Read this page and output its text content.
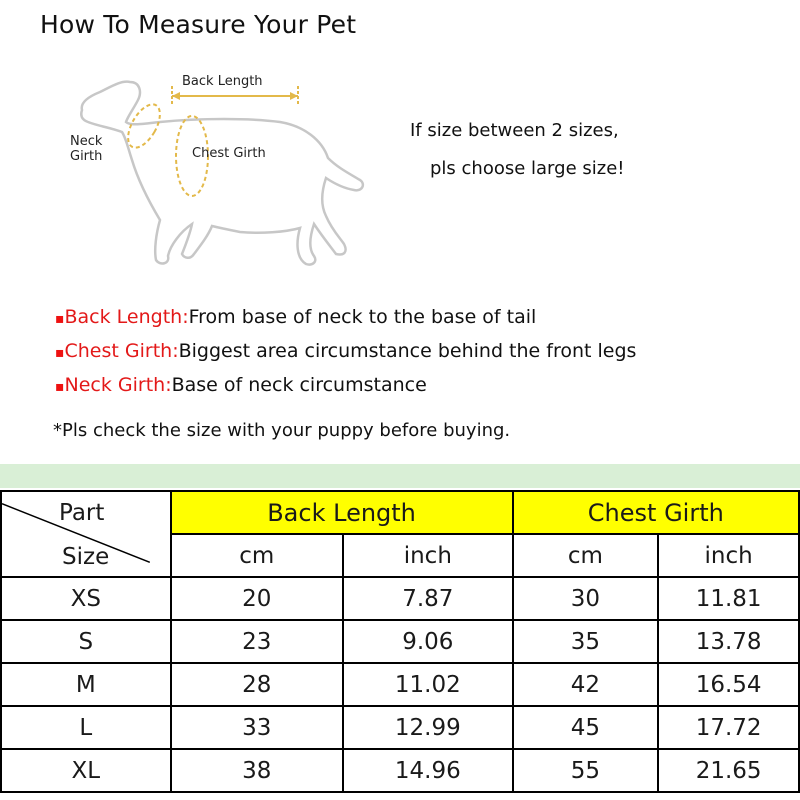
How To Measure Your Pet
Back Length
Neck
Girth	Chest Girth
If size between 2 sizes,
pls choose large size!
▪Back Length:From base of neck to the base of tail
▪Chest Girth:Biggest area circumstance behind the front legs
▪Neck Girth:Base of neck circumstance
*Pls check the size with your puppy before buying.
Part
Size	Back Length		Chest Girth	
	cm	inch	cm	inch
XS	20	7.87	30	11.81
S	23	9.06	35	13.78
M	28	11.02	42	16.54
L	33	12.99	45	17.72
XL	38	14.96	55	21.65
